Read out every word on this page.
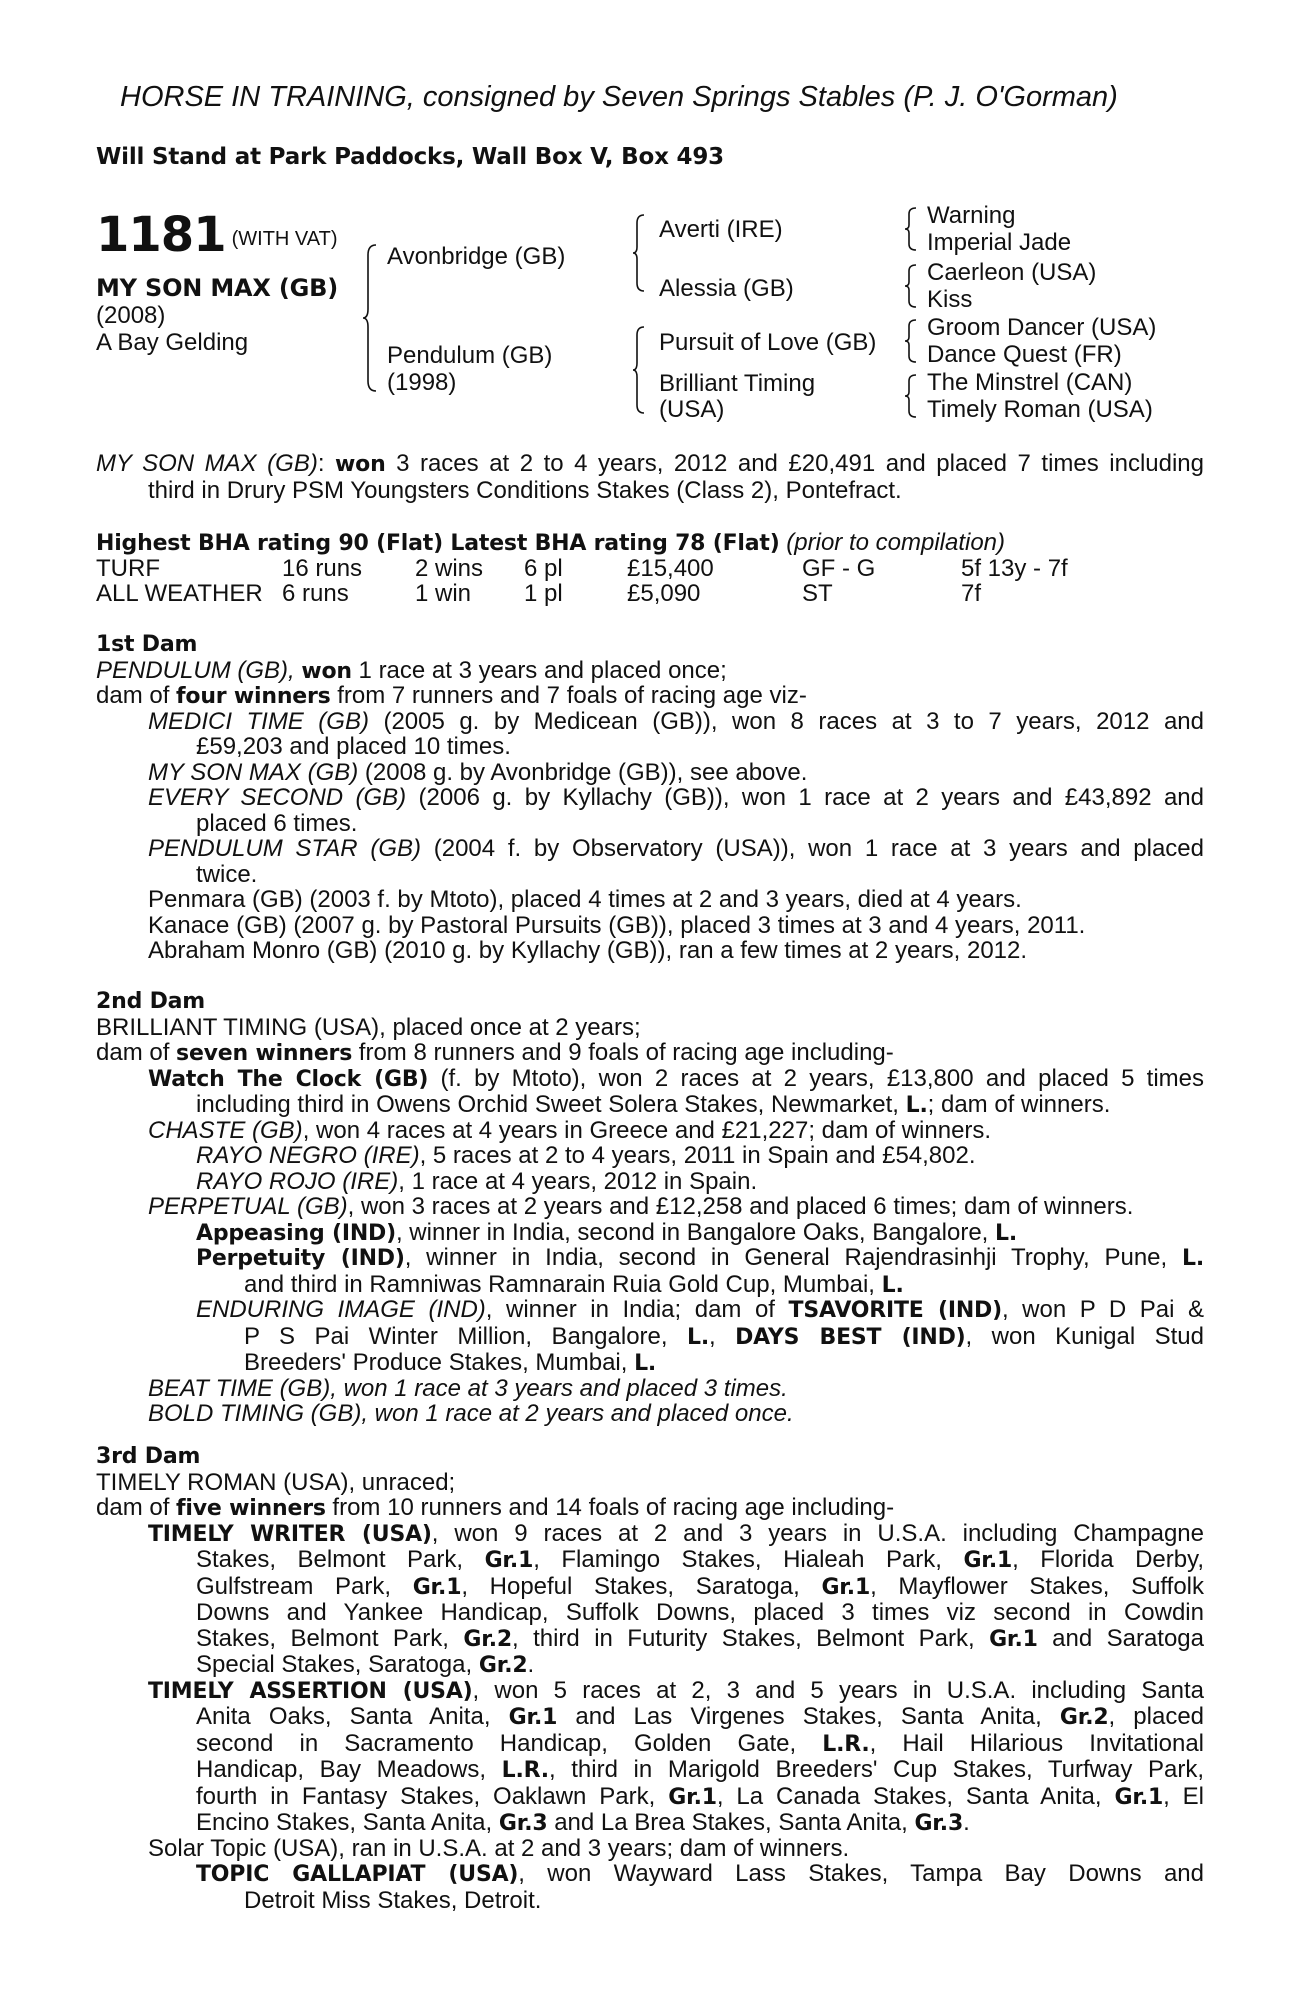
HORSE IN TRAINING, consigned by Seven Springs Stables (P. J. O'Gorman)
Will Stand at Park Paddocks, Wall Box V, Box 493
1181 $^{(WITH VAT)}$
MY SON MAX (GB)
(2008)
A Bay Gelding
Avonbridge (GB)
Pendulum (GB)
(1998)
Averti (IRE)
Alessia (GB)
Pursuit of Love (GB)
Brilliant Timing
(USA)
Warning
Imperial Jade
Caerleon (USA)
Kiss
Groom Dancer (USA)
Dance Quest (FR)
The Minstrel (CAN)
Timely Roman (USA)
MY SON MAX (GB): won 3 races at 2 to 4 years, 2012 and £20,491 and placed 7 times including
third in Drury PSM Youngsters Conditions Stakes (Class 2), Pontefract.
Highest BHA rating 90 (Flat) Latest BHA rating 78 (Flat) (prior to compilation)
TURF	16 runs	2 wins	6 pl	£15,400	GF - G	5f 13y - 7f
ALL WEATHER	6 runs	1 win	1 pl	£5,090	ST	7f
1st Dam
PENDULUM (GB), won 1 race at 3 years and placed once;
dam of four winners from 7 runners and 7 foals of racing age viz-
MEDICI TIME (GB) (2005 g. by Medicean (GB)), won 8 races at 3 to 7 years, 2012 and
£59,203 and placed 10 times.
MY SON MAX (GB) (2008 g. by Avonbridge (GB)), see above.
EVERY SECOND (GB) (2006 g. by Kyllachy (GB)), won 1 race at 2 years and £43,892 and
placed 6 times.
PENDULUM STAR (GB) (2004 f. by Observatory (USA)), won 1 race at 3 years and placed
twice.
Penmara (GB) (2003 f. by Mtoto), placed 4 times at 2 and 3 years, died at 4 years.
Kanace (GB) (2007 g. by Pastoral Pursuits (GB)), placed 3 times at 3 and 4 years, 2011.
Abraham Monro (GB) (2010 g. by Kyllachy (GB)), ran a few times at 2 years, 2012.
2nd Dam
BRILLIANT TIMING (USA), placed once at 2 years;
dam of seven winners from 8 runners and 9 foals of racing age including-
Watch The Clock (GB) (f. by Mtoto), won 2 races at 2 years, £13,800 and placed 5 times
including third in Owens Orchid Sweet Solera Stakes, Newmarket, L.; dam of winners.
CHASTE (GB), won 4 races at 4 years in Greece and £21,227; dam of winners.
RAYO NEGRO (IRE), 5 races at 2 to 4 years, 2011 in Spain and £54,802.
RAYO ROJO (IRE), 1 race at 4 years, 2012 in Spain.
PERPETUAL (GB), won 3 races at 2 years and £12,258 and placed 6 times; dam of winners.
Appeasing (IND), winner in India, second in Bangalore Oaks, Bangalore, L.
Perpetuity (IND), winner in India, second in General Rajendrasinhji Trophy, Pune, L.
and third in Ramniwas Ramnarain Ruia Gold Cup, Mumbai, L.
ENDURING IMAGE (IND), winner in India; dam of TSAVORITE (IND), won P D Pai &
P S Pai Winter Million, Bangalore, L., DAYS BEST (IND), won Kunigal Stud
Breeders' Produce Stakes, Mumbai, L.
BEAT TIME (GB), won 1 race at 3 years and placed 3 times.
BOLD TIMING (GB), won 1 race at 2 years and placed once.
3rd Dam
TIMELY ROMAN (USA), unraced;
dam of five winners from 10 runners and 14 foals of racing age including-
TIMELY WRITER (USA), won 9 races at 2 and 3 years in U.S.A. including Champagne
Stakes, Belmont Park, Gr.1, Flamingo Stakes, Hialeah Park, Gr.1, Florida Derby,
Gulfstream Park, Gr.1, Hopeful Stakes, Saratoga, Gr.1, Mayflower Stakes, Suffolk
Downs and Yankee Handicap, Suffolk Downs, placed 3 times viz second in Cowdin
Stakes, Belmont Park, Gr.2, third in Futurity Stakes, Belmont Park, Gr.1 and Saratoga
Special Stakes, Saratoga, Gr.2.
TIMELY ASSERTION (USA), won 5 races at 2, 3 and 5 years in U.S.A. including Santa
Anita Oaks, Santa Anita, Gr.1 and Las Virgenes Stakes, Santa Anita, Gr.2, placed
second in Sacramento Handicap, Golden Gate, L.R., Hail Hilarious Invitational
Handicap, Bay Meadows, L.R., third in Marigold Breeders' Cup Stakes, Turfway Park,
fourth in Fantasy Stakes, Oaklawn Park, Gr.1, La Canada Stakes, Santa Anita, Gr.1, El
Encino Stakes, Santa Anita, Gr.3 and La Brea Stakes, Santa Anita, Gr.3.
Solar Topic (USA), ran in U.S.A. at 2 and 3 years; dam of winners.
TOPIC GALLAPIAT (USA), won Wayward Lass Stakes, Tampa Bay Downs and
Detroit Miss Stakes, Detroit.
